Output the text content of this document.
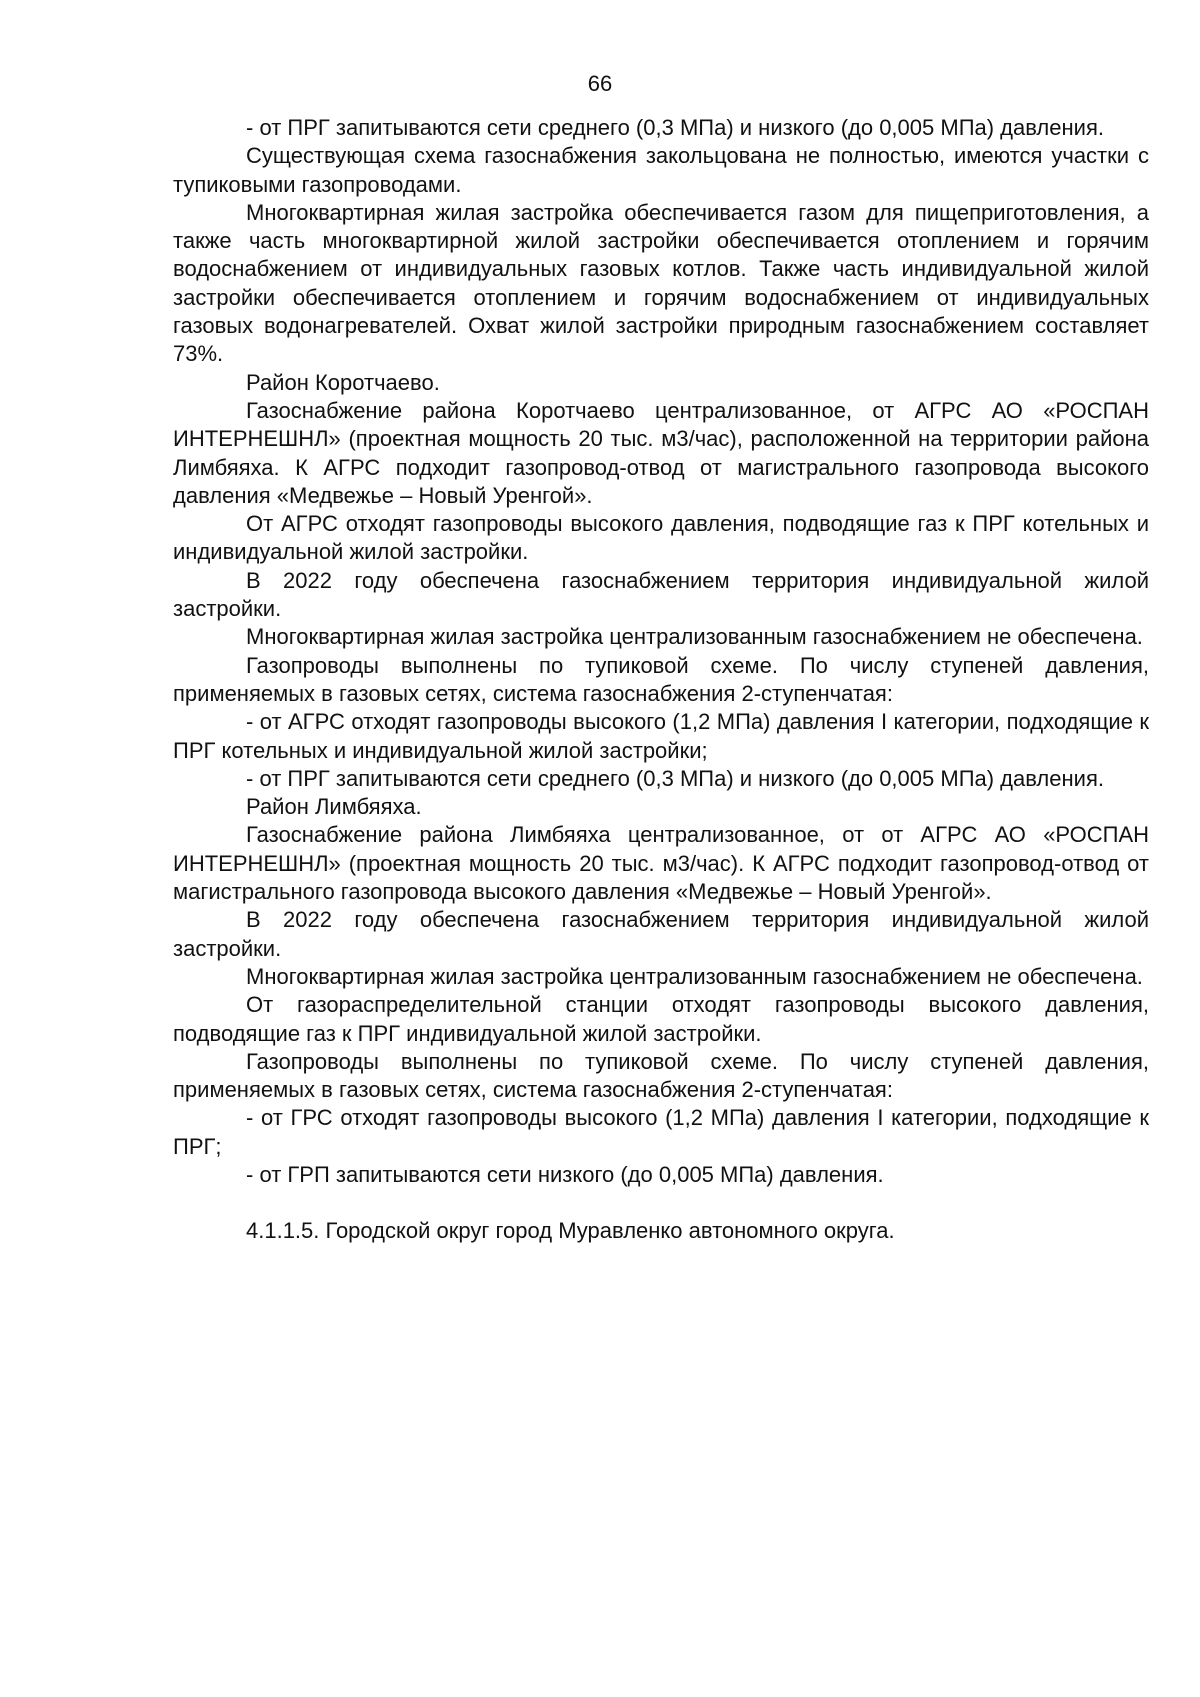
66

- от ПРГ запитываются сети среднего (0,3 МПа) и низкого (до 0,005 МПа) давления.

Существующая схема газоснабжения закольцована не полностью, имеются участки с тупиковыми газопроводами.

Многоквартирная жилая застройка обеспечивается газом для пищеприготовления, а также часть многоквартирной жилой застройки обеспечивается отоплением и горячим водоснабжением от индивидуальных газовых котлов. Также часть индивидуальной жилой застройки обеспечивается отоплением и горячим водоснабжением от индивидуальных газовых водонагревателей. Охват жилой застройки природным газоснабжением составляет 73%.

Район Коротчаево.

Газоснабжение района Коротчаево централизованное, от АГРС АО «РОСПАН ИНТЕРНЕШНЛ» (проектная мощность 20 тыс. м3/час), расположенной на территории района Лимбяяха. К АГРС подходит газопровод-отвод от магистрального газопровода высокого давления «Медвежье – Новый Уренгой».

От АГРС отходят газопроводы высокого давления, подводящие газ к ПРГ котельных и индивидуальной жилой застройки.

В 2022 году обеспечена газоснабжением территория индивидуальной жилой застройки.

Многоквартирная жилая застройка централизованным газоснабжением не обеспечена.

Газопроводы выполнены по тупиковой схеме. По числу ступеней давления, применяемых в газовых сетях, система газоснабжения 2-ступенчатая:

- от АГРС отходят газопроводы высокого (1,2 МПа) давления I категории, подходящие к ПРГ котельных и индивидуальной жилой застройки;

- от ПРГ запитываются сети среднего (0,3 МПа) и низкого (до 0,005 МПа) давления.

Район Лимбяяха.

Газоснабжение района Лимбяяха централизованное, от от АГРС АО «РОСПАН ИНТЕРНЕШНЛ» (проектная мощность 20 тыс. м3/час). К АГРС подходит газопровод-отвод от магистрального газопровода высокого давления «Медвежье – Новый Уренгой».

В 2022 году обеспечена газоснабжением территория индивидуальной жилой застройки.

Многоквартирная жилая застройка централизованным газоснабжением не обеспечена.

От газораспределительной станции отходят газопроводы высокого давления, подводящие газ к ПРГ индивидуальной жилой застройки.

Газопроводы выполнены по тупиковой схеме. По числу ступеней давления, применяемых в газовых сетях, система газоснабжения 2-ступенчатая:

- от ГРС отходят газопроводы высокого (1,2 МПа) давления I категории, подходящие к ПРГ;

- от ГРП запитываются сети низкого (до 0,005 МПа) давления.

4.1.1.5. Городской округ город Муравленко автономного округа.
